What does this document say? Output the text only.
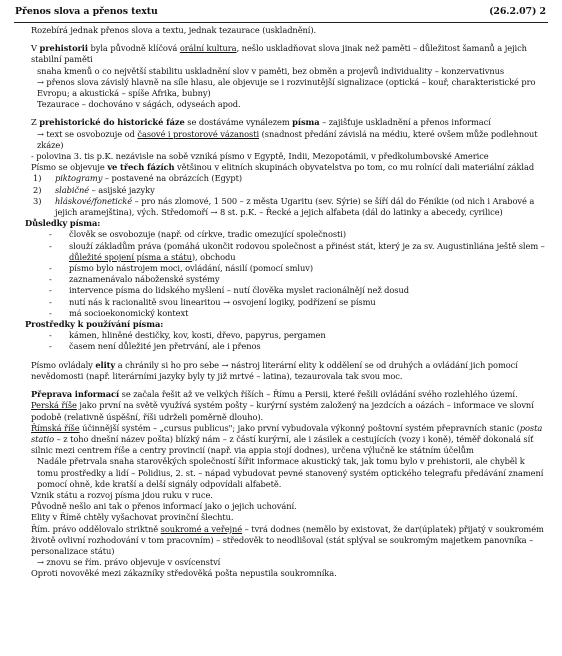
Přenos slova a přenos textu	(26.2.07) 2

Rozebírá jednak přenos slova a textu, jednak tezaurace (uskladnění).

V prehistorii byla původně klíčová orální kultura, nešlo uskladňovat slova jinak než paměti – důležitost šamanů a jejich stabilní paměti

snaha kmenů o co největší stabilitu uskladnění slov v paměti, bez obměn a projevů individuality – konzervativnus

→ přenos slova závislý hlavně na síle hlasu, ale objevuje se i rozvinutější signalizace (optická – kouř, charakteristické pro Evropu; a akustická – spíše Afrika, bubny)

Tezaurace – dochováno v ságách, odyseách apod.

Z prehistorické do historické fáze se dostáváme vynálezem písma – zajišťuje uskladnění a přenos informací

→ text se osvobozuje od časové i prostorové vázanosti (snadnost předání závislá na médiu, které ovšem může podlehnout zkáze)

- polovina 3. tis p.K. nezávisle na sobě vzniká písmo v Egyptě, Indii, Mezopotámii, v předkolumbovské Americe

Písmo se objevuje ve třech fázích většinou v elitních skupinách obyvatelstva po tom, co mu rolnící dali materiální základ

1) piktogramy – postavené na obrázcích (Egypt)
2) slabičné – asijské jazyky
3) hláskové/fonetické – pro nás zlomové, 1 500 – z města Ugaritu (sev. Sýrie) se šíří dál do Fénikie (od nich i Arabové a jejich aramejština), vých. Středomoří → 8 st. p.K. – Řecké a jejich alfabeta (dál do latinky a abecedy, cyrilice)

Důsledky písma:

- člověk se osvobozuje (např. od církve, tradic omezující společnosti)
- slouží základům práva (pomáhá ukončit rodovou společnost a přinést stát, který je za sv. Augustinliána ještě slem – důležité spojení písma a státu), obchodu
- písmo bylo nástrojem moci, ovládání, násilí (pomocí smluv)
- zaznamenávalo náboženské systémy
- intervence písma do lidského myšlení – nutí člověka myslet racionálnějí než dosud
- nutí nás k racionalitě svou linearitou → osvojení logiky, podřízení se písmu
- má socioekonomický kontext

Prostředky k používání písma:

- kámen, hliněné destičky, kov, kosti, dřevo, papyrus, pergamen
- časem není důležité jen přetrvání, ale i přenos

Písmo ovládaly elity a chránily si ho pro sebe → nástroj literární elity k oddělení se od druhých a ovládání jich pomocí nevědomosti (např. literárními jazyky byly ty již mrtvé – latina), tezaurovala tak svou moc.

Přeprava informací se začala řešit až ve velkých říších – Římu a Persii, které řešili ovládání svého rozlehlého území.

Perská říše jako první na světě využívá systém pošty – kurýrní systém založený na jezdcích a oázách – informace ve slovní podobě (relativně úspěšní, říši udrželi poměrně dlouho).

Římská říše účinnější systém – „cursus publicus"; jako první vybudovala výkonný poštovní systém přepravních stanic (posta statio – z toho dnešní název pošta) blízký nám – z částí kurýrní, ale i zásilek a cestujících (vozy i koně), téměř dokonalá síť silnic mezi centrem říše a centry provincií (např. via appia stojí dodnes), určena výlučně ke státním účelům

Nadále přetrvala snaha starověkých společností šířit informace akustický tak, jak tomu bylo v prehistorii, ale chyběl k tomu prostředky a lidí – Polidius, 2. st. – nápad vybudovat pevné stanovený systém optického telegrafu předávání znamení pomocí ohně, kde kratší a delší signály odpovídali alfabetě.

Vznik státu a rozvoj písma jdou ruku v ruce.

Původně nešlo ani tak o přenos informací jako o jejich uchování.

Elity v Římě chtěly vyšachovat provinční šlechtu.

Řím. právo oddělovalo striktně soukromé a veřejné – tvrá dodnes (nemělo by existovat, že dar(úplatek) přijatý v soukromém životě ovlivní rozhodování v tom pracovním) – středověk to neodlišoval (stát splýval se soukromým majetkem panovníka – personalizace státu)

→ znovu se řím. právo objevuje v osvícenství

Oproti novověké mezi zákazníky středověká pošta nepustila soukromníka.
